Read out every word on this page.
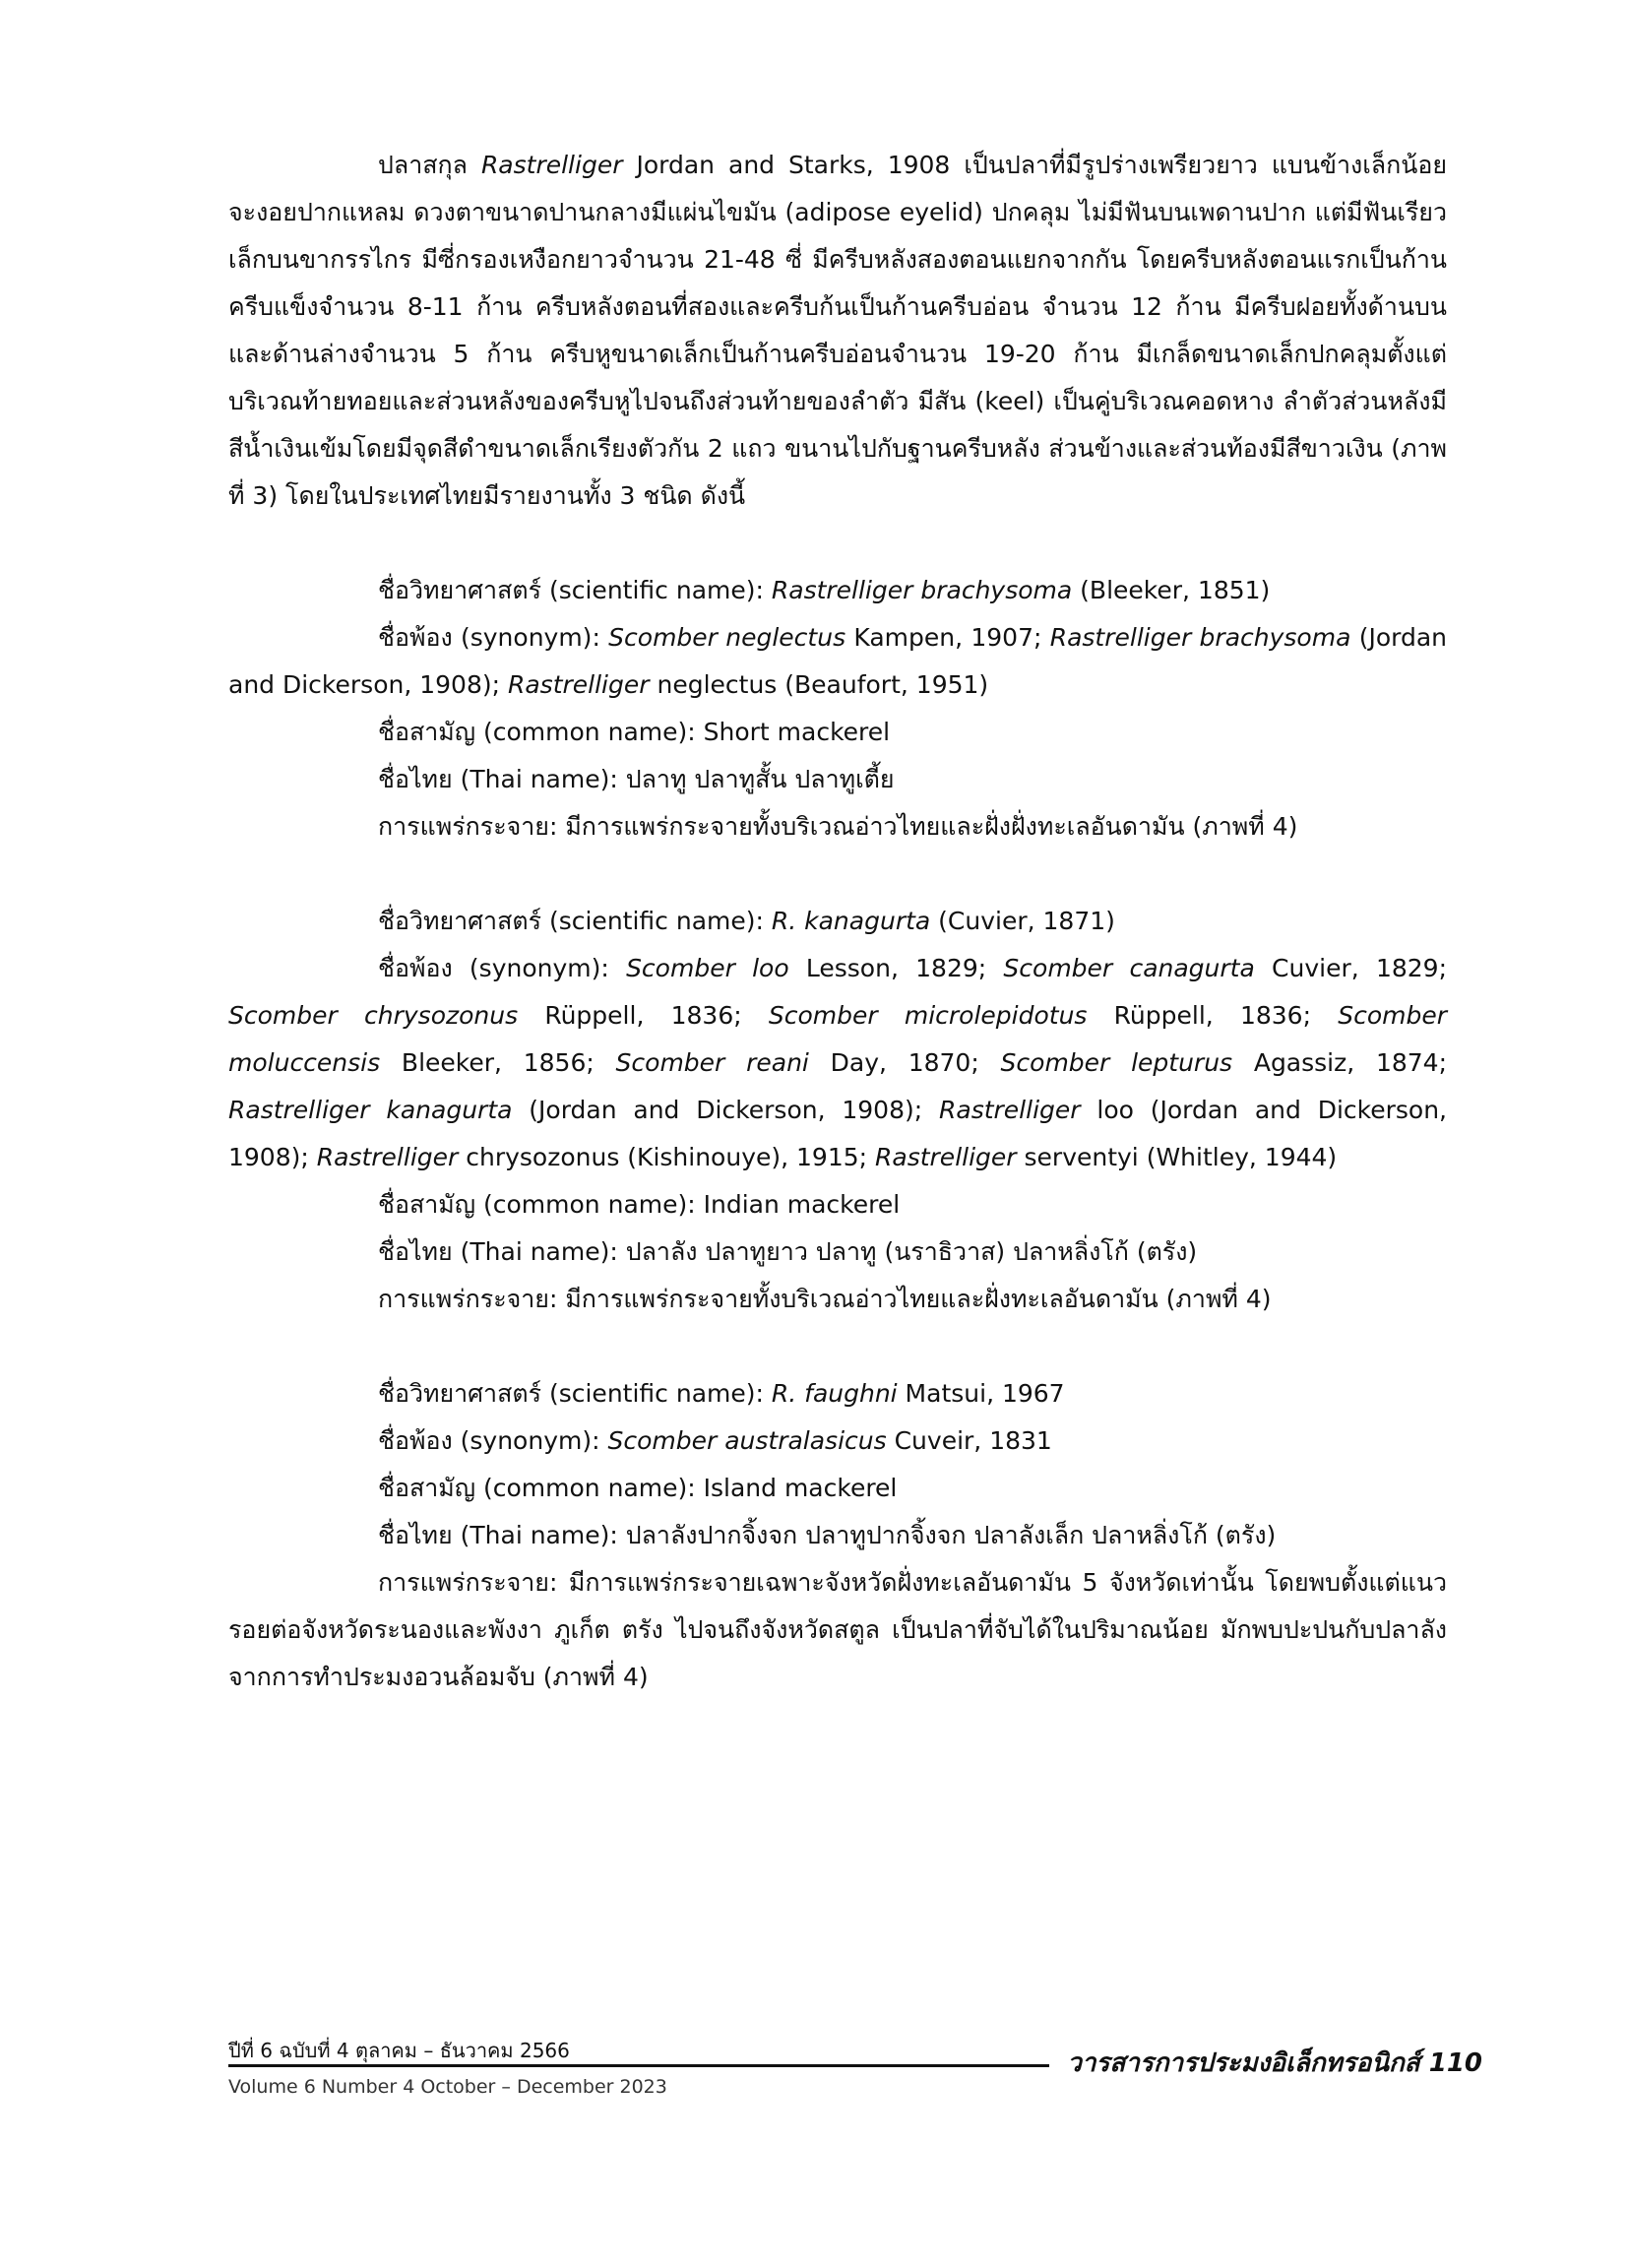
ปลาสกุล Rastrelliger Jordan and Starks, 1908 เป็นปลาที่มีรูปร่างเพรียวยาว แบนข้างเล็กน้อย จะงอยปากแหลม ดวงตาขนาดปานกลางมีแผ่นไขมัน (adipose eyelid) ปกคลุม ไม่มีฟันบนเพดานปาก แต่มีฟันเรียวเล็กบนขากรรไกร มีซี่กรองเหงือกยาวจำนวน 21-48 ซี่ มีครีบหลังสองตอนแยกจากกัน โดยครีบหลังตอนแรกเป็นก้านครีบแข็งจำนวน 8-11 ก้าน ครีบหลังตอนที่สองและครีบก้นเป็นก้านครีบอ่อน จำนวน 12 ก้าน มีครีบฝอยทั้งด้านบนและด้านล่างจำนวน 5 ก้าน ครีบหูขนาดเล็กเป็นก้านครีบอ่อนจำนวน 19-20 ก้าน มีเกล็ดขนาดเล็กปกคลุมตั้งแต่บริเวณท้ายทอยและส่วนหลังของครีบหูไปจนถึงส่วนท้ายของลำตัว มีสัน (keel) เป็นคู่บริเวณคอดหาง ลำตัวส่วนหลังมีสีน้ำเงินเข้มโดยมีจุดสีดำขนาดเล็กเรียงตัวกัน 2 แถว ขนานไปกับฐานครีบหลัง ส่วนข้างและส่วนท้องมีสีขาวเงิน (ภาพที่ 3) โดยในประเทศไทยมีรายงานทั้ง 3 ชนิด ดังนี้

ชื่อวิทยาศาสตร์ (scientific name): Rastrelliger brachysoma (Bleeker, 1851)

ชื่อพ้อง (synonym): Scomber neglectus Kampen, 1907; Rastrelliger brachysoma (Jordan and Dickerson, 1908); Rastrelliger neglectus (Beaufort, 1951)

ชื่อสามัญ (common name): Short mackerel
ชื่อไทย (Thai name): ปลาทู ปลาทูสั้น ปลาทูเตี้ย
การแพร่กระจาย: มีการแพร่กระจายทั้งบริเวณอ่าวไทยและฝั่งฝั่งทะเลอันดามัน (ภาพที่ 4)
ชื่อวิทยาศาสตร์ (scientific name): R. kanagurta (Cuvier, 1871)

ชื่อพ้อง (synonym): Scomber loo Lesson, 1829; Scomber canagurta Cuvier, 1829; Scomber chrysozonus Rüppell, 1836; Scomber microlepidotus Rüppell, 1836; Scomber moluccensis Bleeker, 1856; Scomber reani Day, 1870; Scomber lepturus Agassiz, 1874; Rastrelliger kanagurta (Jordan and Dickerson, 1908); Rastrelliger loo (Jordan and Dickerson, 1908); Rastrelliger chrysozonus (Kishinouye), 1915; Rastrelliger serventyi (Whitley, 1944)

ชื่อสามัญ (common name): Indian mackerel
ชื่อไทย (Thai name): ปลาลัง ปลาทูยาว ปลาทู (นราธิวาส) ปลาหลิ่งโก้ (ตรัง)
การแพร่กระจาย: มีการแพร่กระจายทั้งบริเวณอ่าวไทยและฝั่งทะเลอันดามัน (ภาพที่ 4)
ชื่อวิทยาศาสตร์ (scientific name): R. faughni Matsui, 1967
ชื่อพ้อง (synonym): Scomber australasicus Cuveir, 1831
ชื่อสามัญ (common name): Island mackerel
ชื่อไทย (Thai name): ปลาลังปากจิ้งจก ปลาทูปากจิ้งจก ปลาลังเล็ก ปลาหลิ่งโก้ (ตรัง)

การแพร่กระจาย: มีการแพร่กระจายเฉพาะจังหวัดฝั่งทะเลอันดามัน 5 จังหวัดเท่านั้น โดยพบตั้งแต่แนวรอยต่อจังหวัดระนองและพังงา ภูเก็ต ตรัง ไปจนถึงจังหวัดสตูล เป็นปลาที่จับได้ในปริมาณน้อย มักพบปะปนกับปลาลังจากการทำประมงอวนล้อมจับ (ภาพที่ 4)

ปีที่ 6 ฉบับที่ 4 ตุลาคม – ธันวาคม 2566
Volume 6 Number 4 October – December 2023
วารสารการประมงอิเล็กทรอนิกส์ 110
